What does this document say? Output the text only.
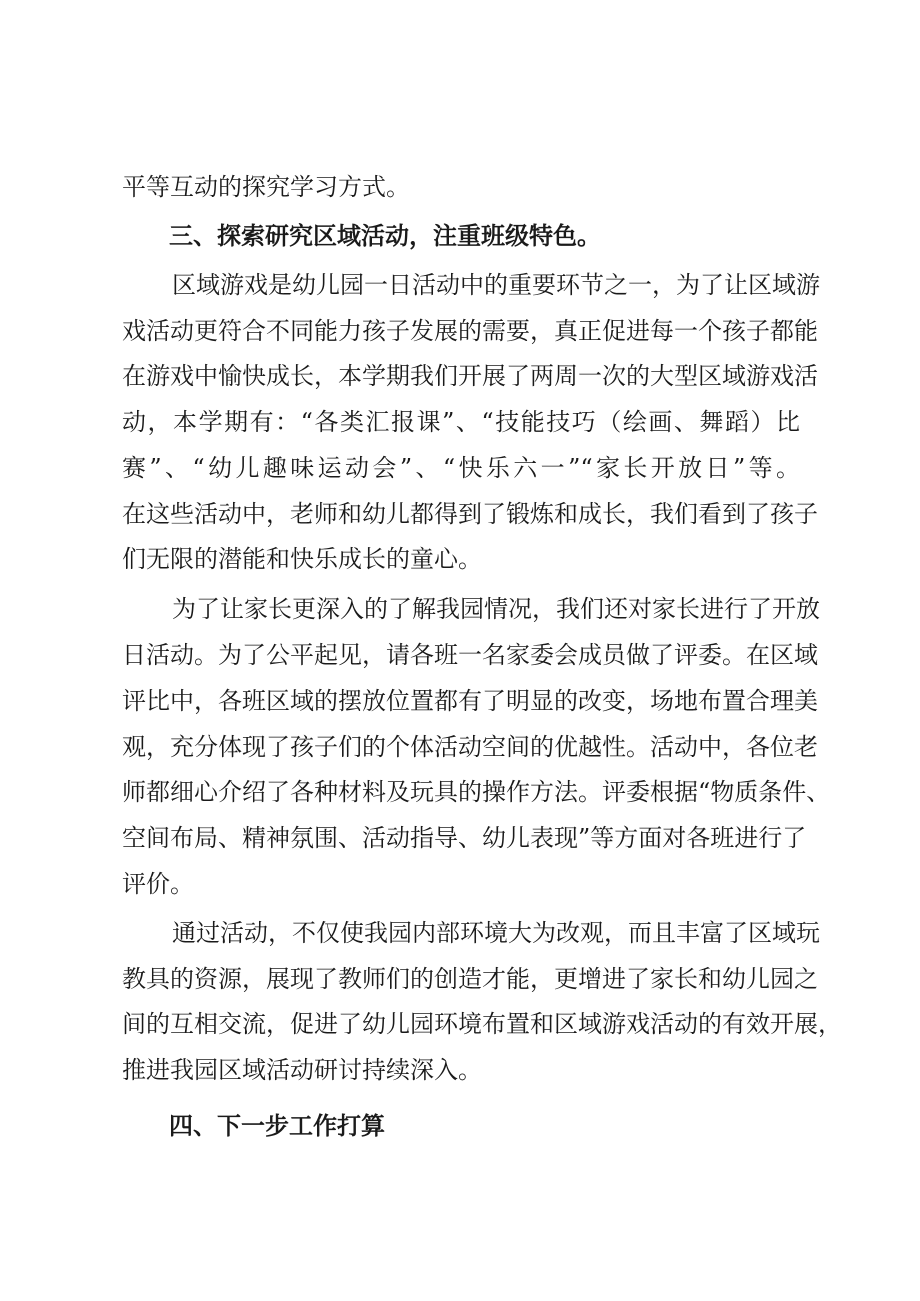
平等互动的探究学习方式。
三、探索研究区域活动，注重班级特色。
区域游戏是幼儿园一日活动中的重要环节之一，为了让区域游
戏活动更符合不同能力孩子发展的需要，真正促进每一个孩子都能
在游戏中愉快成长，本学期我们开展了两周一次的大型区域游戏活
动，本学期有：“各类汇报课”、“技能技巧（绘画、舞蹈）比
赛”、“幼儿趣味运动会”、“快乐六一”“家长开放日”等。
在这些活动中，老师和幼儿都得到了锻炼和成长，我们看到了孩子
们无限的潜能和快乐成长的童心。
为了让家长更深入的了解我园情况，我们还对家长进行了开放
日活动。为了公平起见，请各班一名家委会成员做了评委。在区域
评比中，各班区域的摆放位置都有了明显的改变，场地布置合理美
观，充分体现了孩子们的个体活动空间的优越性。活动中，各位老
师都细心介绍了各种材料及玩具的操作方法。评委根据“物质条件、
空间布局、精神氛围、活动指导、幼儿表现”等方面对各班进行了
评价。
通过活动，不仅使我园内部环境大为改观，而且丰富了区域玩
教具的资源，展现了教师们的创造才能，更增进了家长和幼儿园之
间的互相交流，促进了幼儿园环境布置和区域游戏活动的有效开展，
推进我园区域活动研讨持续深入。
四、下一步工作打算
